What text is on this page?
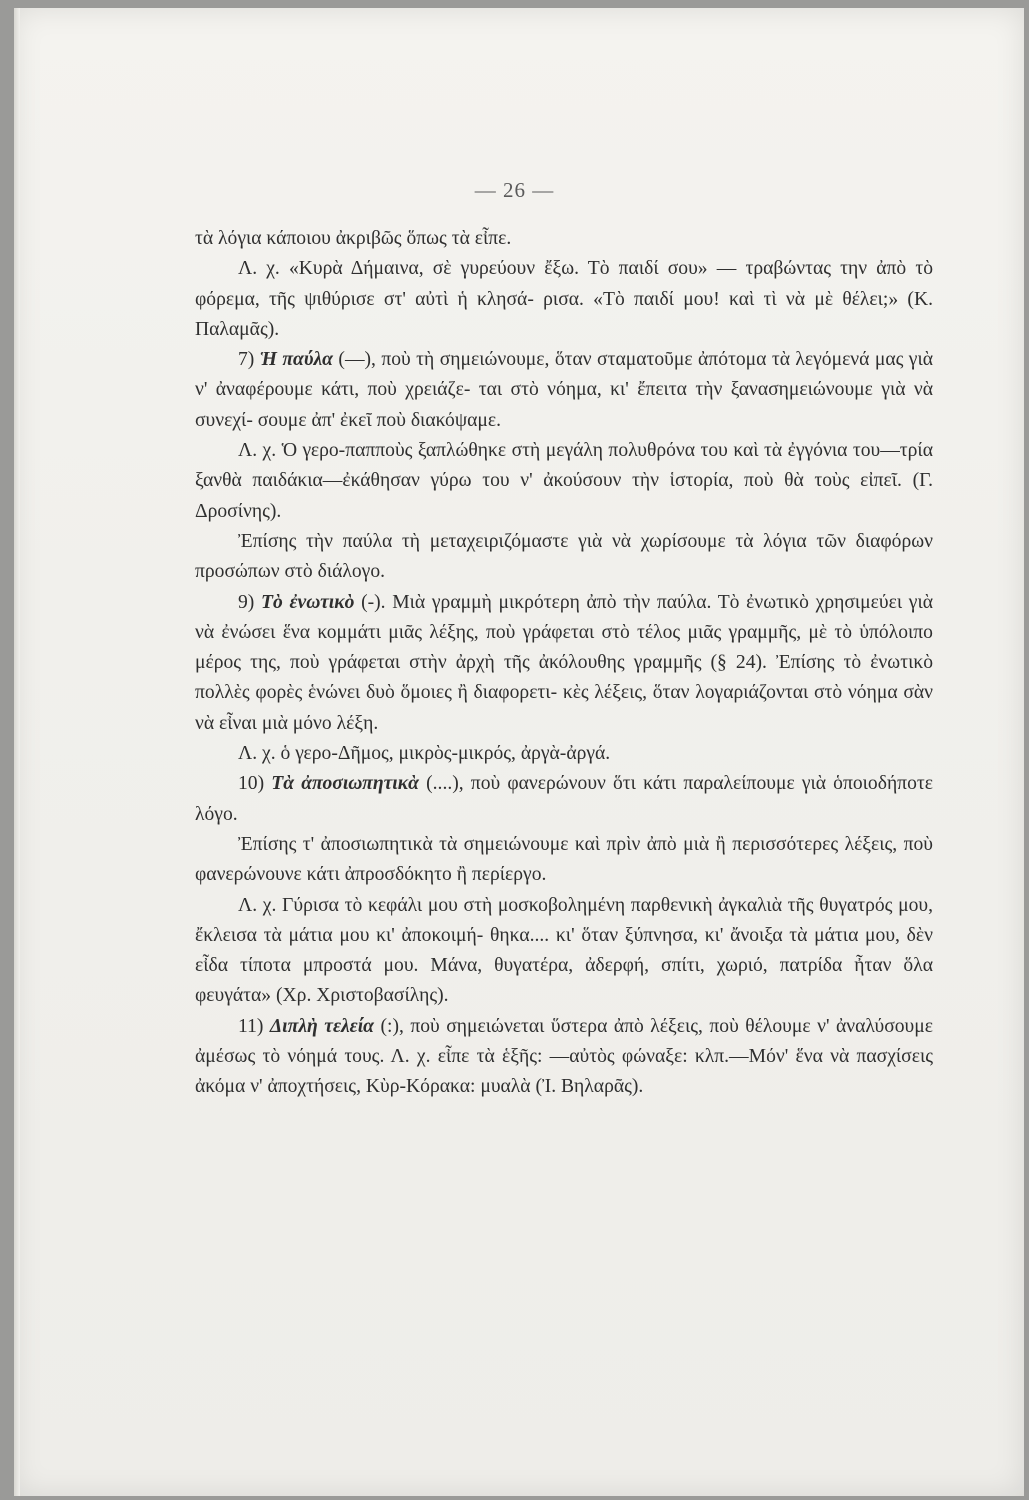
— 26 —

τὰ λόγια κάποιου ἀκριβῶς ὅπως τὰ εἶπε.

Λ. χ. «Κυρὰ Δήμαινα, σὲ γυρεύουν ἔξω. Τὸ παιδί σου» — τραβώντας την ἀπὸ τὸ φόρεμα, τῆς ψιθύρισε στ' αὐτὶ ἡ κλησά- ρισα. «Τὸ παιδί μου! καὶ τὶ νὰ μὲ θέλει;» (Κ. Παλαμᾶς).

7) Ἡ παύλα (—), ποὺ τὴ σημειώνουμε, ὅταν σταματοῦμε ἀπότομα τὰ λεγόμενά μας γιὰ ν' ἀναφέρουμε κάτι, ποὺ χρειάζε- ται στὸ νόημα, κι' ἔπειτα τὴν ξανασημειώνουμε γιὰ νὰ συνεχί- σουμε ἀπ' ἐκεῖ ποὺ διακόψαμε.

Λ. χ. Ὁ γερο-παπποὺς ξαπλώθηκε στὴ μεγάλη πολυθρόνα του καὶ τὰ ἐγγόνια του—τρία ξανθὰ παιδάκια—ἐκάθησαν γύρω του ν' ἀκούσουν τὴν ἱστορία, ποὺ θὰ τοὺς εἰπεῖ. (Γ. Δροσίνης).

Ἐπίσης τὴν παύλα τὴ μεταχειριζόμαστε γιὰ νὰ χωρίσουμε τὰ λόγια τῶν διαφόρων προσώπων στὸ διάλογο.

9) Τὸ ἐνωτικὸ (-). Μιὰ γραμμὴ μικρότερη ἀπὸ τὴν παύλα. Τὸ ἐνωτικὸ χρησιμεύει γιὰ νὰ ἐνώσει ἕνα κομμάτι μιᾶς λέξης, ποὺ γράφεται στὸ τέλος μιᾶς γραμμῆς, μὲ τὸ ὑπόλοιπο μέρος της, ποὺ γράφεται στὴν ἀρχὴ τῆς ἀκόλουθης γραμμῆς (§ 24). Ἐπίσης τὸ ἐνωτικὸ πολλὲς φορὲς ἑνώνει δυὸ ὅμοιες ἢ διαφορετι- κὲς λέξεις, ὅταν λογαριάζονται στὸ νόημα σὰν νὰ εἶναι μιὰ μόνο λέξη.

Λ. χ. ὁ γερο-Δῆμος, μικρὸς-μικρός, ἀργὰ-ἀργά.

10) Τὰ ἀποσιωπητικὰ (....), ποὺ φανερώνουν ὅτι κάτι παραλείπουμε γιὰ ὁποιοδήποτε λόγο.

Ἐπίσης τ' ἀποσιωπητικὰ τὰ σημειώνουμε καὶ πρὶν ἀπὸ μιὰ ἢ περισσότερες λέξεις, ποὺ φανερώνουνε κάτι ἀπροσδόκητο ἢ περίεργο.

Λ. χ. Γύρισα τὸ κεφάλι μου στὴ μοσκοβολημένη παρθενικὴ ἀγκαλιὰ τῆς θυγατρός μου, ἔκλεισα τὰ μάτια μου κι' ἀποκοιμή- θηκα.... κι' ὅταν ξύπνησα, κι' ἄνοιξα τὰ μάτια μου, δὲν εἶδα τίποτα μπροστά μου. Μάνα, θυγατέρα, ἀδερφή, σπίτι, χωριό, πατρίδα ἦταν ὅλα φευγάτα» (Χρ. Χριστοβασίλης).

11) Διπλὴ τελεία (:), ποὺ σημειώνεται ὕστερα ἀπὸ λέξεις, ποὺ θέλουμε ν' ἀναλύσουμε ἀμέσως τὸ νόημά τους. Λ. χ. εἶπε τὰ ἑξῆς: —αὐτὸς φώναξε: κλπ.—Μόν' ἕνα νὰ πασχίσεις ἀκόμα ν' ἀποχτήσεις, Κὺρ-Κόρακα: μυαλὰ (Ἰ. Βηλαρᾶς).
